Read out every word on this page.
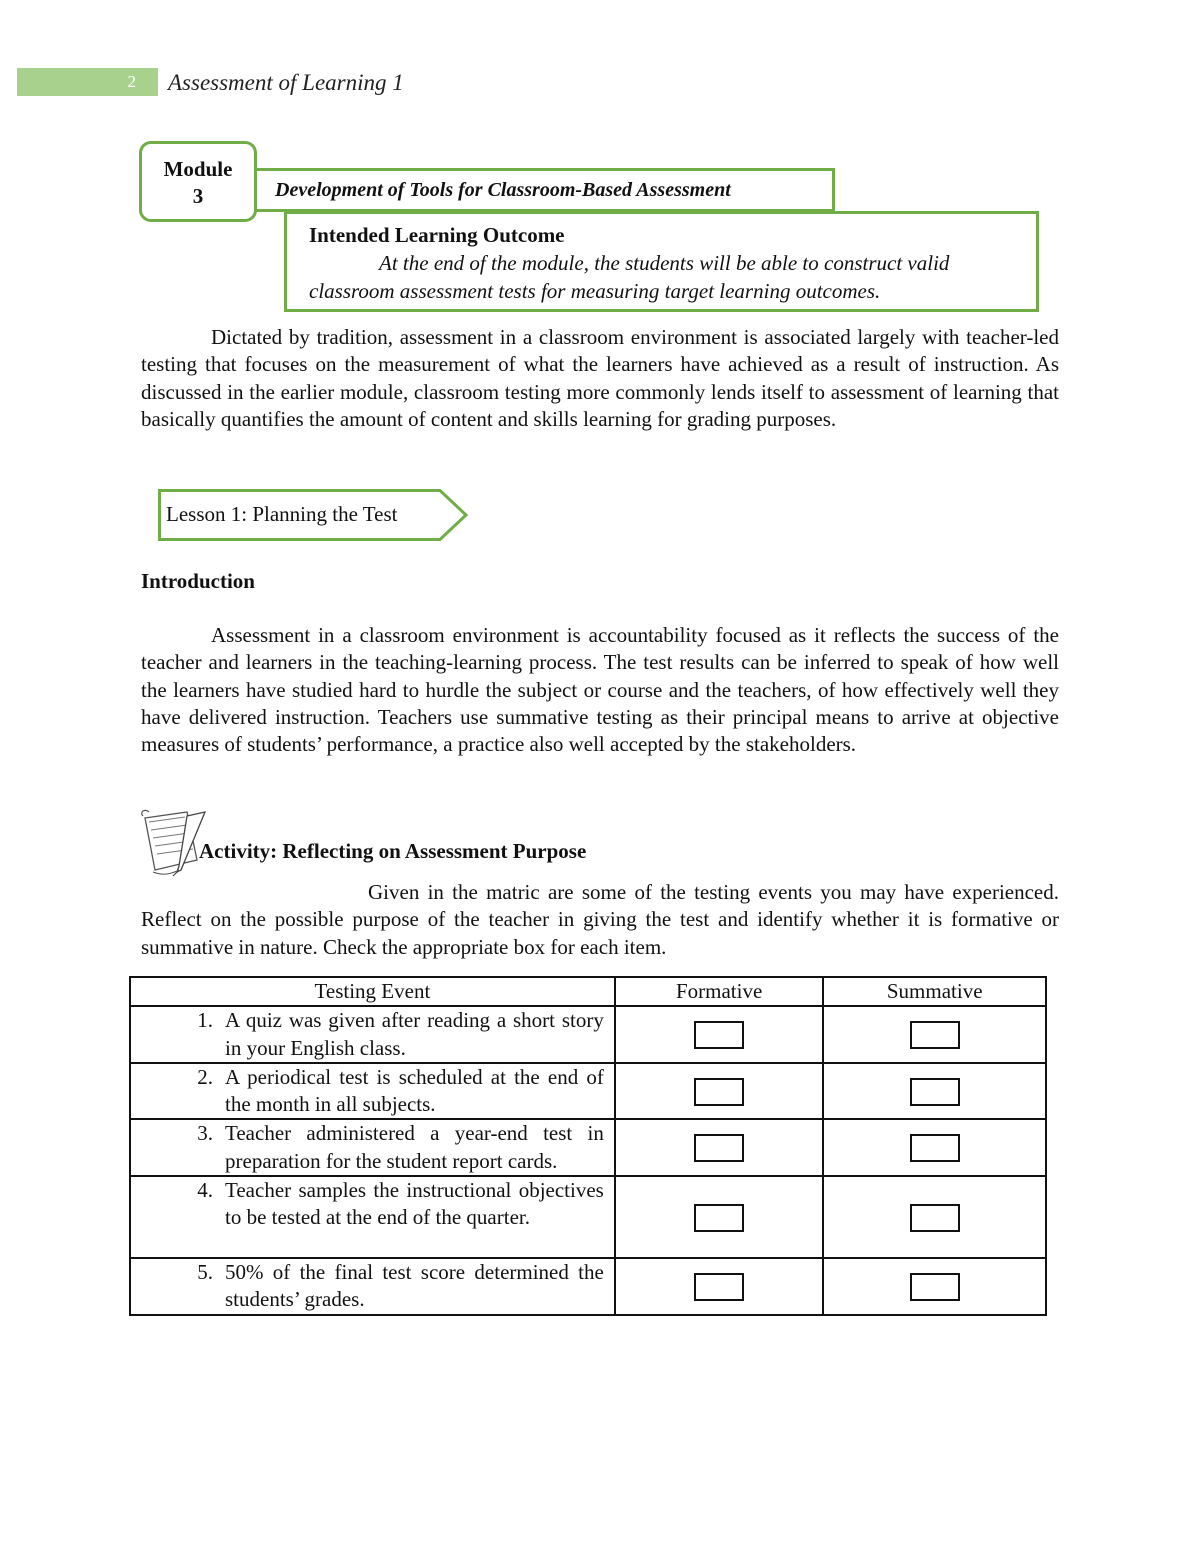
2 Assessment of Learning 1
Module
3	Development of Tools for Classroom-Based Assessment
Intended Learning Outcome

At the end of the module, the students will be able to construct valid classroom assessment tests for measuring target learning outcomes.

Dictated by tradition, assessment in a classroom environment is associated largely with teacher-led testing that focuses on the measurement of what the learners have achieved as a result of instruction. As discussed in the earlier module, classroom testing more commonly lends itself to assessment of learning that basically quantifies the amount of content and skills learning for grading purposes.

Lesson 1: Planning the Test
Introduction

Assessment in a classroom environment is accountability focused as it reflects the success of the teacher and learners in the teaching-learning process. The test results can be inferred to speak of how well the learners have studied hard to hurdle the subject or course and the teachers, of how effectively well they have delivered instruction. Teachers use summative testing as their principal means to arrive at objective measures of students’ performance, a practice also well accepted by the stakeholders.

Activity: Reflecting on Assessment Purpose

Given in the matric are some of the testing events you may have experienced. Reflect on the possible purpose of the teacher in giving the test and identify whether it is formative or summative in nature. Check the appropriate box for each item.

Testing Event	Formative	Summative

1. A quiz was given after reading a short story in your English class.		

2. A periodical test is scheduled at the end of the month in all subjects.		

3. Teacher administered a year-end test in preparation for the student report cards.		

4. Teacher samples the instructional objectives to be tested at the end of the quarter.		

5. 50% of the final test score determined the students’ grades.		
